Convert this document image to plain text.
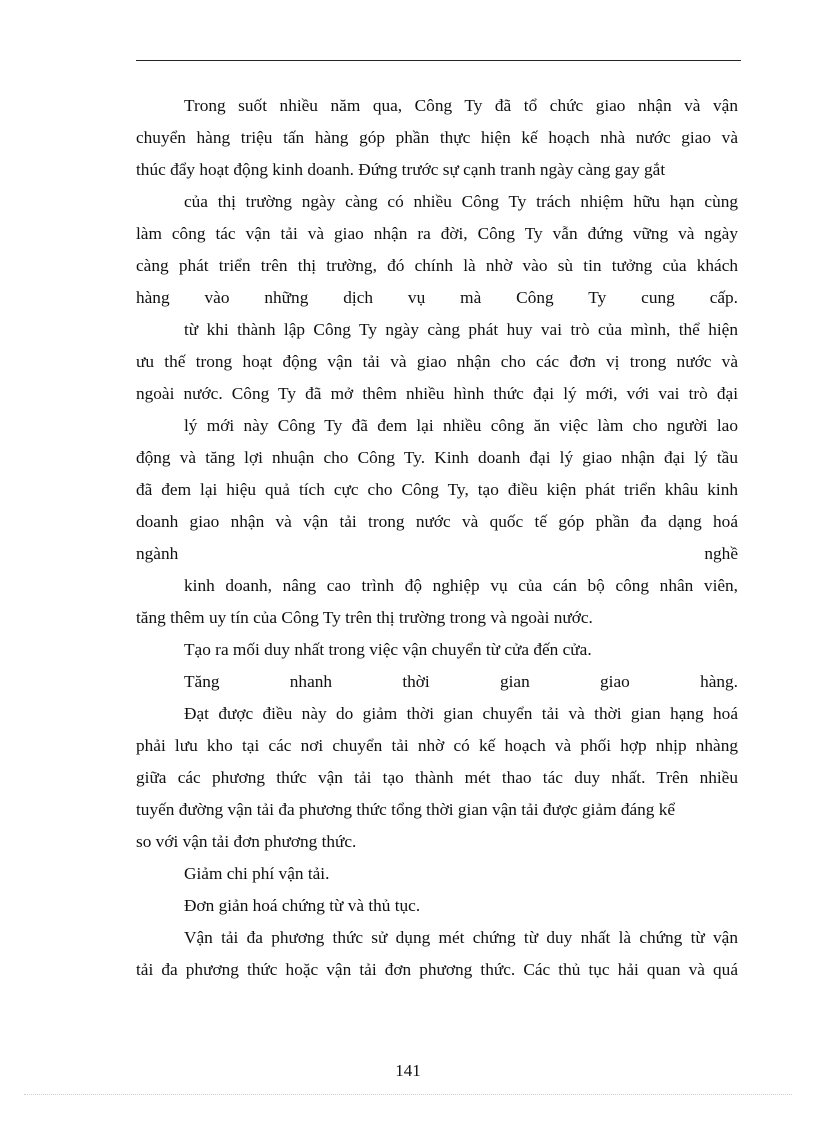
Trong suốt nhiều năm qua, Công Ty đã tổ chức giao nhận và vận
chuyển hàng triệu tấn hàng góp phần thực hiện kế hoạch nhà nước giao và
thúc đẩy hoạt động kinh doanh. Đứng trước sự cạnh tranh ngày càng gay gắt
của thị trường ngày càng có nhiều Công Ty trách nhiệm hữu hạn cùng
làm công tác vận tải và giao nhận ra đời, Công Ty vẫn đứng vững và ngày
càng phát triển trên thị trường, đó chính là nhờ vào sù tin tưởng của khách
hàng vào những dịch vụ mà Công Ty cung cấp.
từ khi thành lập Công Ty ngày càng phát huy vai trò của mình, thể hiện
ưu thế trong hoạt động vận tải và giao nhận cho các đơn vị trong nước và
ngoài nước. Công Ty đã mở thêm nhiều hình thức đại lý mới, với vai trò đại
lý mới này Công Ty đã đem lại nhiều công ăn việc làm cho người lao
động và tăng lợi nhuận cho Công Ty. Kinh doanh đại lý giao nhận đại lý tầu
đã đem lại hiệu quả tích cực cho Công Ty, tạo điều kiện phát triển khâu kinh
doanh giao nhận và vận tải trong nước và quốc tế góp phần đa dạng hoá
ngành nghề
kinh doanh, nâng cao trình độ nghiệp vụ của cán bộ công nhân viên,
tăng thêm uy tín của Công Ty trên thị trường trong và ngoài nước.
Tạo ra mối duy nhất trong việc vận chuyển từ cửa đến cửa.
Tăng nhanh thời gian giao hàng.
Đạt được điều này do giảm thời gian chuyển tải và thời gian hạng hoá
phải lưu kho tại các nơi chuyển tải nhờ có kế hoạch và phối hợp nhịp nhàng
giữa các phương thức vận tải tạo thành mét thao tác duy nhất. Trên nhiều
tuyến đường vận tải đa phương thức tổng thời gian vận tải được giảm đáng kể
so với vận tải đơn phương thức.
Giảm chi phí vận tải.
Đơn giản hoá chứng từ và thủ tục.
Vận tải đa phương thức sử dụng mét chứng từ duy nhất là chứng từ vận
tải đa phương thức hoặc vận tải đơn phương thức. Các thủ tục hải quan và quá
141
